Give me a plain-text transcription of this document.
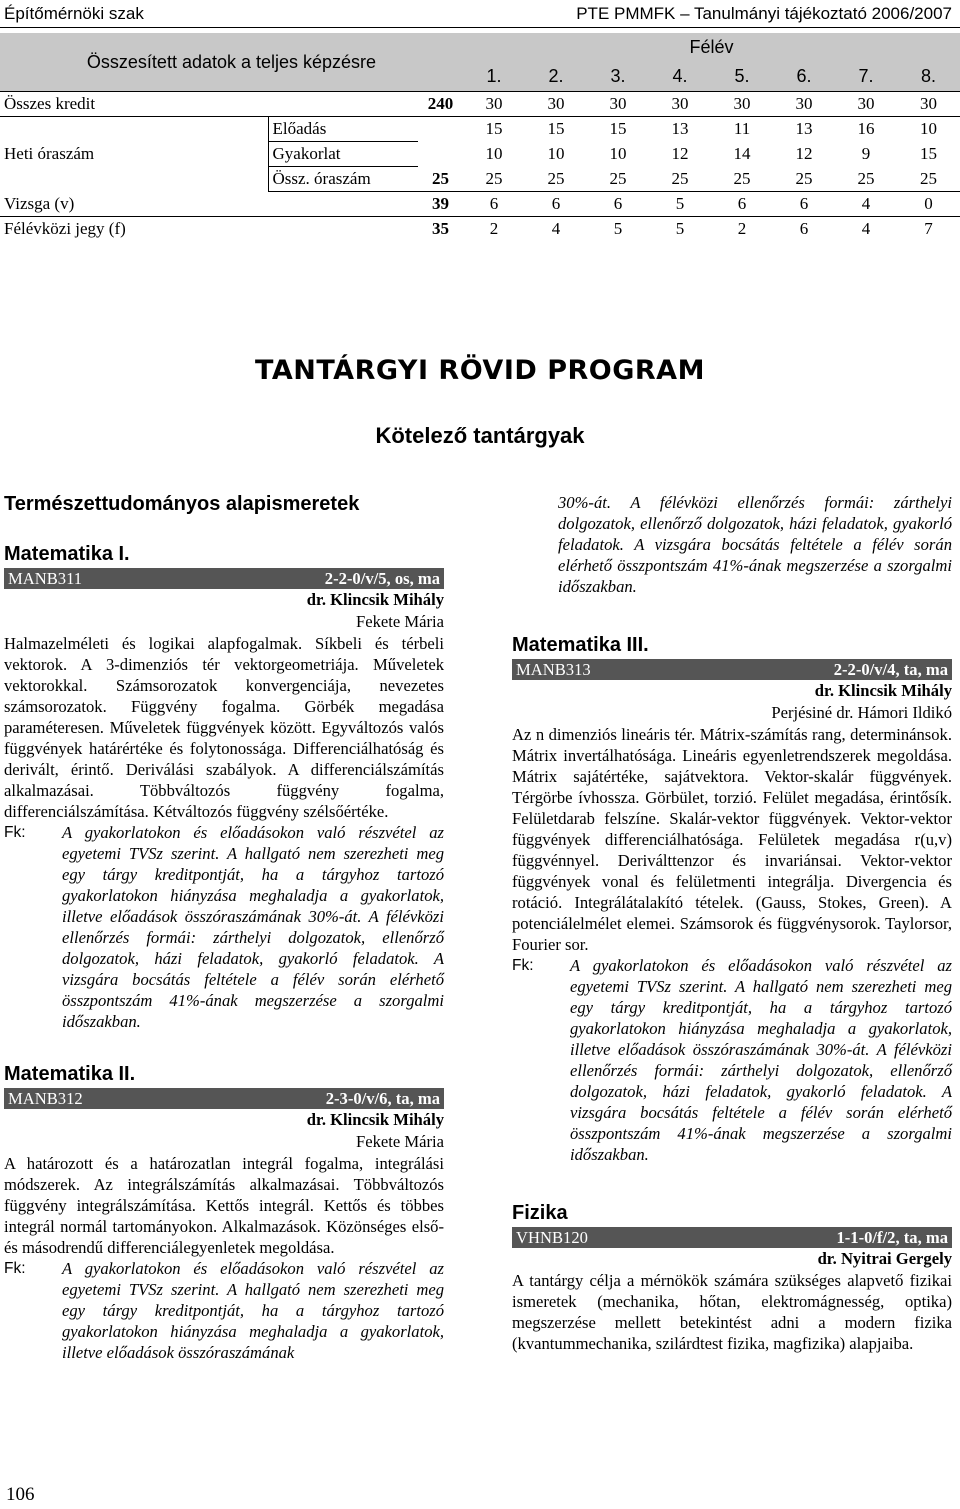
Építőmérnöki szak	PTE PMMFK – Tanulmányi tájékoztató 2006/2007
Összesített adatok a teljes képzésre			Félév							
			1.	2.	3.	4.	5.	6.	7.	8.
Összes kredit		240	30	30	30	30	30	30	30	30
Heti óraszám	Előadás		15	15	15	13	11	13	16	10
	Gyakorlat		10	10	10	12	14	12	9	15
	Össz. óraszám	25	25	25	25	25	25	25	25	25
Vizsga (v)		39	6	6	6	5	6	6	4	0
Félévközi jegy (f)		35	2	4	5	5	2	6	4	7
TANTÁRGYI RÖVID PROGRAM
Kötelező tantárgyak
Természettudományos alapismeretek
Matematika I.
MANB311	2-2-0/v/5, os, ma
dr. Klincsik Mihály
Fekete Mária

Halmazelméleti és logikai alapfogalmak. Síkbeli és térbeli vektorok. A 3-dimenziós tér vektorgeometriája. Műveletek vektorokkal. Számsorozatok konvergenciája, nevezetes számsorozatok. Függvény fogalma. Görbék megadása paraméteresen. Műveletek függvények között. Egyváltozós valós függvények határértéke és folytonossága. Differenciálhatóság és derivált, érintő. Deriválási szabályok. A differenciálszámítás alkalmazásai. Többváltozós függvény fogalma, differenciálszámítása. Kétváltozós függvény szélsőértéke.

Fk:	A gyakorlatokon és előadásokon való részvétel az egyetemi TVSz szerint. A hallgató nem szerezheti meg egy tárgy kreditpontját, ha a tárgyhoz tartozó gyakorlatokon hiányzása meghaladja a gyakorlatok, illetve előadások összóraszámának 30%-át. A félévközi ellenőrzés formái: zárthelyi dolgozatok, ellenőrző dolgozatok, házi feladatok, gyakorló feladatok. A vizsgára bocsátás feltétele a félév során elérhető összpontszám 41%-ának megszerzése a szorgalmi időszakban.
Matematika II.
MANB312	2-3-0/v/6, ta, ma
dr. Klincsik Mihály
Fekete Mária

A határozott és a határozatlan integrál fogalma, integrálási módszerek. Az integrálszámítás alkalmazásai. Többváltozós függvény integrálszámítása. Kettős integrál. Kettős és többes integrál normál tartományokon. Alkalmazások. Közönséges első- és másodrendű differenciálegyenletek megoldása.

Fk:	A gyakorlatokon és előadásokon való részvétel az egyetemi TVSz szerint. A hallgató nem szerezheti meg egy tárgy kreditpontját, ha a tárgyhoz tartozó gyakorlatokon hiányzása meghaladja a gyakorlatok, illetve előadások összóraszámának

30%-át. A félévközi ellenőrzés formái: zárthelyi dolgozatok, ellenőrző dolgozatok, házi feladatok, gyakorló feladatok. A vizsgára bocsátás feltétele a félév során elérhető összpontszám 41%-ának megszerzése a szorgalmi időszakban.

Matematika III.
MANB313	2-2-0/v/4, ta, ma
dr. Klincsik Mihály
Perjésiné dr. Hámori Ildikó

Az n dimenziós lineáris tér. Mátrix-számítás rang, determinánsok. Mátrix invertálhatósága. Lineáris egyenletrendszerek megoldása. Mátrix sajátértéke, sajátvektora. Vektor-skalár függvények. Térgörbe ívhossza. Görbület, torzió. Felület megadása, érintősík. Felületdarab felszíne. Skalár-vektor függvények. Vektor-vektor függvények differenciálhatósága. Felületek megadása r(u,v) függvénnyel. Deriválttenzor és invariánsai. Vektor-vektor függvények vonal és felületmenti integrálja. Divergencia és rotáció. Integrálátalakító tételek. (Gauss, Stokes, Green). A potenciálelmélet elemei. Számsorok és függvénysorok. Taylorsor, Fourier sor.

Fk:	A gyakorlatokon és előadásokon való részvétel az egyetemi TVSz szerint. A hallgató nem szerezheti meg egy tárgy kreditpontját, ha a tárgyhoz tartozó gyakorlatokon hiányzása meghaladja a gyakorlatok, illetve előadások összóraszámának 30%-át. A félévközi ellenőrzés formái: zárthelyi dolgozatok, ellenőrző dolgozatok, házi feladatok, gyakorló feladatok. A vizsgára bocsátás feltétele a félév során elérhető összpontszám 41%-ának megszerzése a szorgalmi időszakban.
Fizika
VHNB120	1-1-0/f/2, ta, ma
dr. Nyitrai Gergely

A tantárgy célja a mérnökök számára szükséges alapvető fizikai ismeretek (mechanika, hőtan, elektromágnesség, optika) megszerzése mellett betekintést adni a modern fizika (kvantummechanika, szilárdtest fizika, magfizika) alapjaiba.

106
